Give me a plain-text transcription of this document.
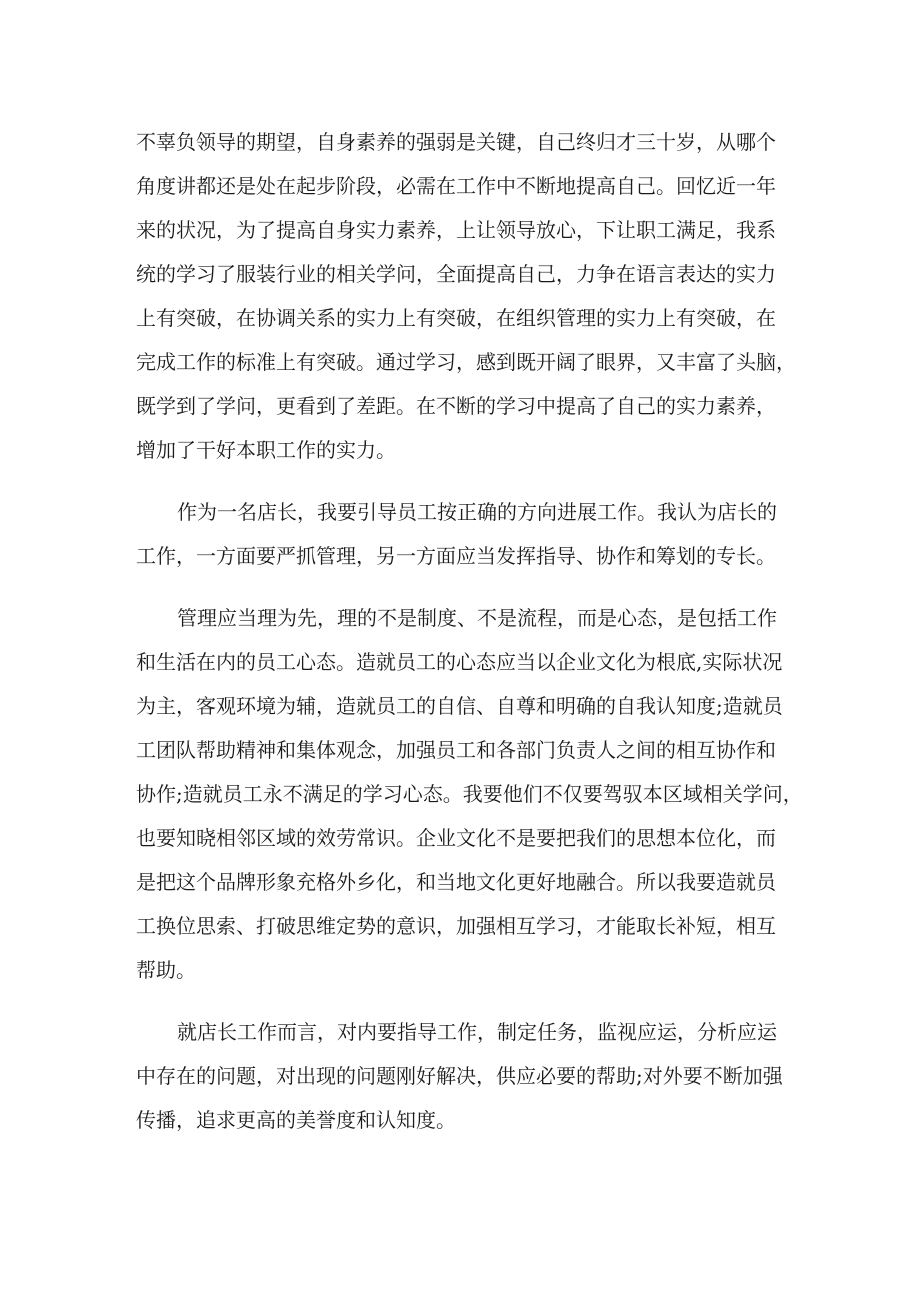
不辜负领导的期望，自身素养的强弱是关键，自己终归才三十岁，从哪个
角度讲都还是处在起步阶段，必需在工作中不断地提高自己。回忆近一年
来的状况，为了提高自身实力素养，上让领导放心，下让职工满足，我系
统的学习了服装行业的相关学问，全面提高自己，力争在语言表达的实力
上有突破，在协调关系的实力上有突破，在组织管理的实力上有突破，在
完成工作的标准上有突破。通过学习，感到既开阔了眼界，又丰富了头脑，
既学到了学问，更看到了差距。在不断的学习中提高了自己的实力素养，
增加了干好本职工作的实力。
作为一名店长，我要引导员工按正确的方向进展工作。我认为店长的
工作，一方面要严抓管理，另一方面应当发挥指导、协作和筹划的专长。
管理应当理为先，理的不是制度、不是流程，而是心态，是包括工作
和生活在内的员工心态。造就员工的心态应当以企业文化为根底,实际状况
为主，客观环境为辅，造就员工的自信、自尊和明确的自我认知度;造就员
工团队帮助精神和集体观念，加强员工和各部门负责人之间的相互协作和
协作;造就员工永不满足的学习心态。我要他们不仅要驾驭本区域相关学问，
也要知晓相邻区域的效劳常识。企业文化不是要把我们的思想本位化，而
是把这个品牌形象充格外乡化，和当地文化更好地融合。所以我要造就员
工换位思索、打破思维定势的意识，加强相互学习，才能取长补短，相互
帮助。
就店长工作而言，对内要指导工作，制定任务，监视应运，分析应运
中存在的问题，对出现的问题刚好解决，供应必要的帮助;对外要不断加强
传播，追求更高的美誉度和认知度。
